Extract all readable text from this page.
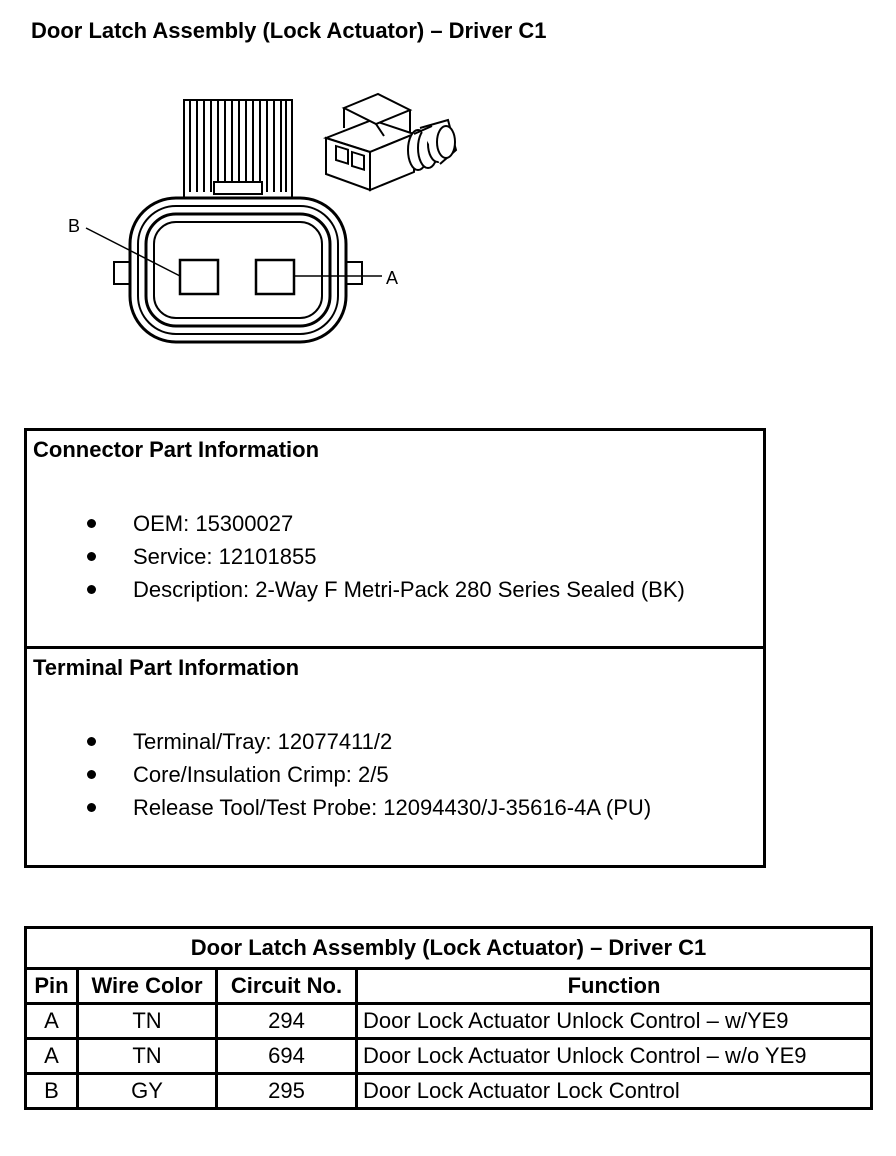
Door Latch Assembly (Lock Actuator) – Driver C1
B
A
Connector Part Information
OEM: 15300027
Service: 12101855
Description: 2-Way F Metri-Pack 280 Series Sealed (BK)
Terminal Part Information
Terminal/Tray: 12077411/2
Core/Insulation Crimp: 2/5
Release Tool/Test Probe: 12094430/J-35616-4A (PU)
Door Latch Assembly (Lock Actuator) – Driver C1			
Pin	Wire Color	Circuit No.	Function
A	TN	294	Door Lock Actuator Unlock Control – w/YE9
A	TN	694	Door Lock Actuator Unlock Control – w/o YE9
B	GY	295	Door Lock Actuator Lock Control
